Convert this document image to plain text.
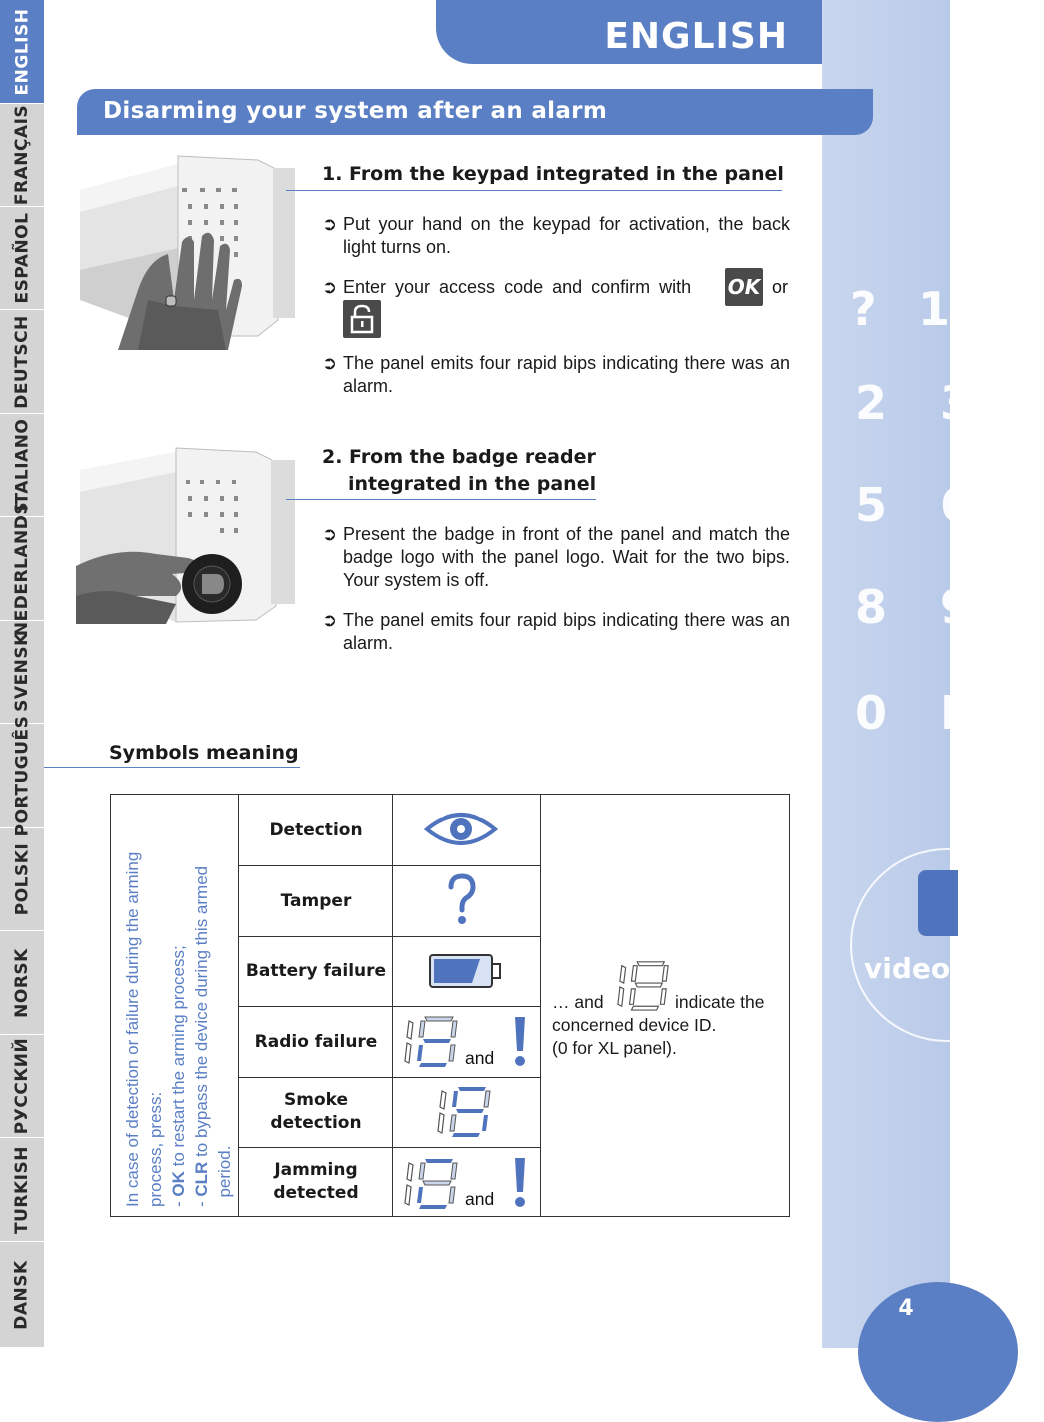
ENGLISH
FRANÇAIS
ESPAÑOL
DEUTSCH
ITALIANO
NEDERLANDS
SVENSK
PORTUGUÊS
POLSKI
NORSK
РУССКИЙ
TURKISH
DANSK
? 1
2 3
5 6
8 9
0 E
video
4
ENGLISH
Disarming your system after an alarm
1. From the keypad integrated in the panel
➲ Put your hand on the keypad for activation, the back light turns on.
➲ Enter your access code and confirm with	OK or
➲ The panel emits four rapid bips indicating there was an alarm.
2. From the badge reader
integrated in the panel
➲ Present the badge in front of the panel and match the badge logo with the panel logo. Wait for the two bips. Your system is off.
➲ The panel emits four rapid bips indicating there was an alarm.
Symbols meaning
In case of detection or failure during the arming process, press: - OK to restart the arming process;
- CLR to bypass the device during this armed
period.
Detection
Tamper
Battery failure
Radio failure
Smoke detection
Jamming detected
and
and
… and	indicate the
concerned device ID.
(0 for XL panel).
